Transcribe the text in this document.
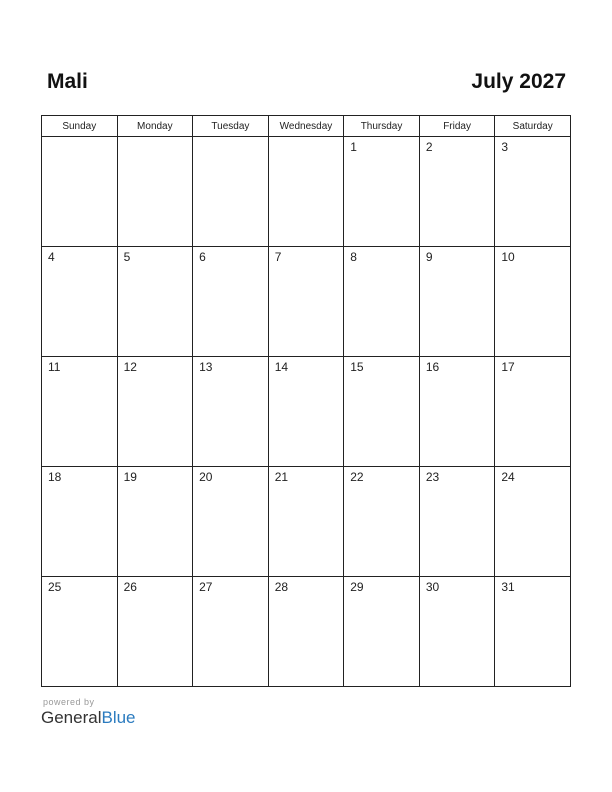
Mali	July 2027
Sunday	Monday	Tuesday	Wednesday	Thursday	Friday	Saturday

				1	2	3

4	5	6	7	8	9	10

11	12	13	14	15	16	17

18	19	20	21	22	23	24

25	26	27	28	29	30	31
powered by
GeneralBlue
